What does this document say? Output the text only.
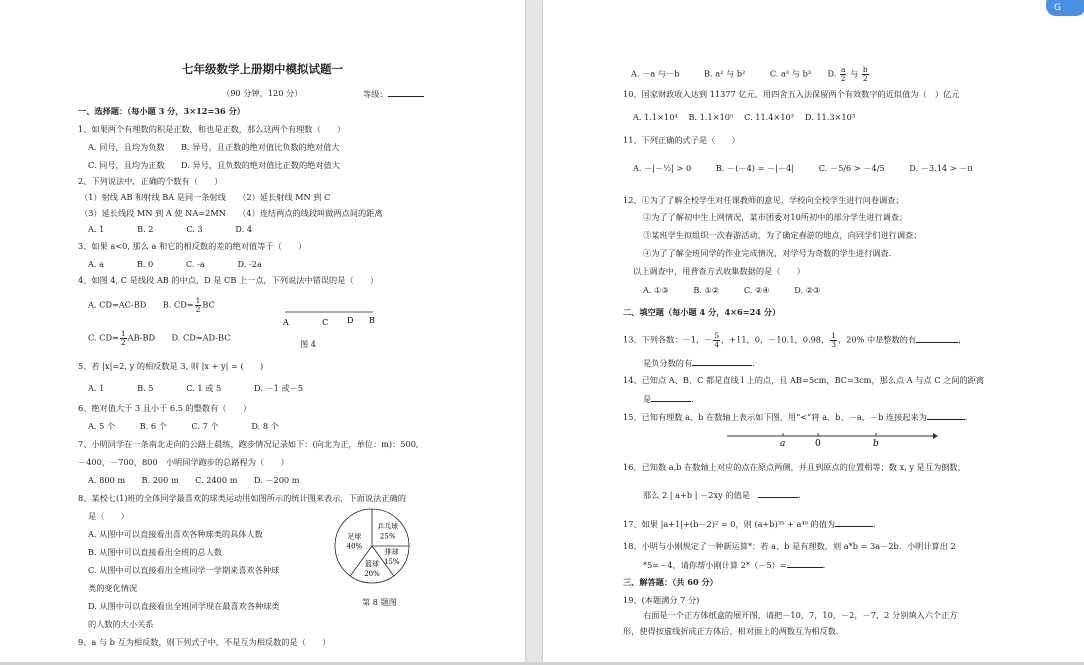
七年级数学上册期中模拟试题一
（90 分钟，120 分）	等级：
一、选择题：（每小题 3 分，3×12=36 分）
1、如果两个有理数的积是正数，和也是正数，那么这两个有理数（　　）
A. 同号，且均为负数　　B. 异号，且正数的绝对值比负数的绝对值大
C. 同号，且均为正数　　D. 异号，且负数的绝对值比正数的绝对值大
2、下列说法中，正确的个数有（　　）
（1）射线 AB 和射线 BA 是同一条射线　　（2）延长射线 MN 到 C
（3）延长线段 MN 到 A 使 NA=2MN　　（4）连结两点的线段叫做两点间的距离
A. 1　　　　B. 2　　　　C. 3　　　　D. 4
3、如果 a<0, 那么 a 和它的相反数的差的绝对值等于（　　）
A. a　　　　B. 0　　　　C. -a　　　　D. -2a
4、如图 4, C 是线段 AB 的中点，D 是 CB 上一点，下列说法中错误的是（　　）
A. CD=AC-BD　　B. $CD= \frac{1}{2}$ BC
C. $CD= \frac{1}{2} AB-BD$　　D. CD=AD-BC
A	C D B
图 4
5、若 |x|=2, y 的相反数是 3, 则 |x + y| = (　　)
A. 1　　　　B. 5　　　　C. 1 或 5　　　　D. －1 或－5
6、绝对值大于 3 且小于 6.5 的整数有（　　）
A. 5 个　　　B. 6 个　　　C. 7 个　　　　D. 8 个
7、小明同学在一条南北走向的公路上晨练，跑步情况记录如下：(向北为正，单位：m)：500,
－400，－700，800　小明同学跑步的总路程为（　　）
A. 800 m　　B. 200 m　　C. 2400 m　　D. －200 m
8、某校七(1)班的全体同学最喜欢的球类运动用如图所示的统计图来表示，下面说法正确的
是（　　）
A. 从图中可以直接看出喜欢各种球类的具体人数
B. 从图中可以直接看出全班的总人数
C. 从图中可以直接看出全班同学一学期来喜欢各种球
类的变化情况
D. 从图中可以直接看出全班同学现在最喜欢各种球类
的人数的大小关系
9、a 与 b 互为相反数，则下列式子中，不是互为相反数的是（　　）
乒乓球
25%
排球
15%
篮球
20%
足球
40%
第 8 题图
A. －a 与－b　　　B. a² 与 b²　　　C. a³ 与 b³　　D. $\frac{a}{2}$ 与 $\frac{b}{2}$
10、国家财政收入达到 11377 亿元，用四舍五入法保留两个有效数字的近似值为（　）亿元
A. 1.1×10⁴　 B. 1.1×10⁵　 C. 11.4×10³　 D. 11.3×10³
11、下列正确的式子是（　　）
A. －|－½| > 0　　　B. －(－4) = －|－4|　　　C. －5/6 > －4/5　　　D. －3.14 > －π
12、①为了了解全校学生对任课教师的意见，学校向全校学生进行问卷调查；
②为了了解初中生上网情况，某市团委对10所初中的部分学生进行调查；
③某班学生拟组织一次春游活动，为了确定春游的地点，向同学们进行调查；
④为了了解全班同学的作业完成情况，对学号为奇数的学生进行调查.
以上调查中，用普查方式收集数据的是（　　）
A. ①③　　　B. ①②　　　C. ②④　　　D. ②③
二、填空题（每小题 4 分，4×6=24 分）
13、下列各数：－1，－ $\frac{5}{4}$ ，+11，0，－10.1，0.98， $\frac{1}{3}$ ，20% 中是整数的有	，
是负分数的有	.
14、已知点 A、B、C 都是直线 l 上的点，且 AB=5cm，BC=3cm，那么点 A 与点 C 之间的距离
是	.
15、已知有理数 a、b 在数轴上表示如下图，用“<”将 a、b、－a、－b 连接起来为	.
a	0	b
16、已知数 a,b 在数轴上对应的点在原点两侧，并且到原点的位置相等；数 x, y 是互为倒数，
那么 2 | a+b | －2xy 的值是　	.
17、如果 |a+1|+(b－2)² = 0，则 (a+b)³⁵ + a⁴⁰ 的值为	.
18、小明与小刚规定了一种新运算*：若 a、b 是有理数，则 a*b = 3a－2b．小明计算出 2
*5=－4，请你帮小刚计算 2*（－5）=	.
三、解答题：（共 60 分）
19、(本题满分 7 分)
右面是一个正方体纸盒的展开图，请把－10，7，10，－2，－7，2 分别填入六个正方
形，使得按虚线折成正方体后，相对面上的两数互为相反数.
G
